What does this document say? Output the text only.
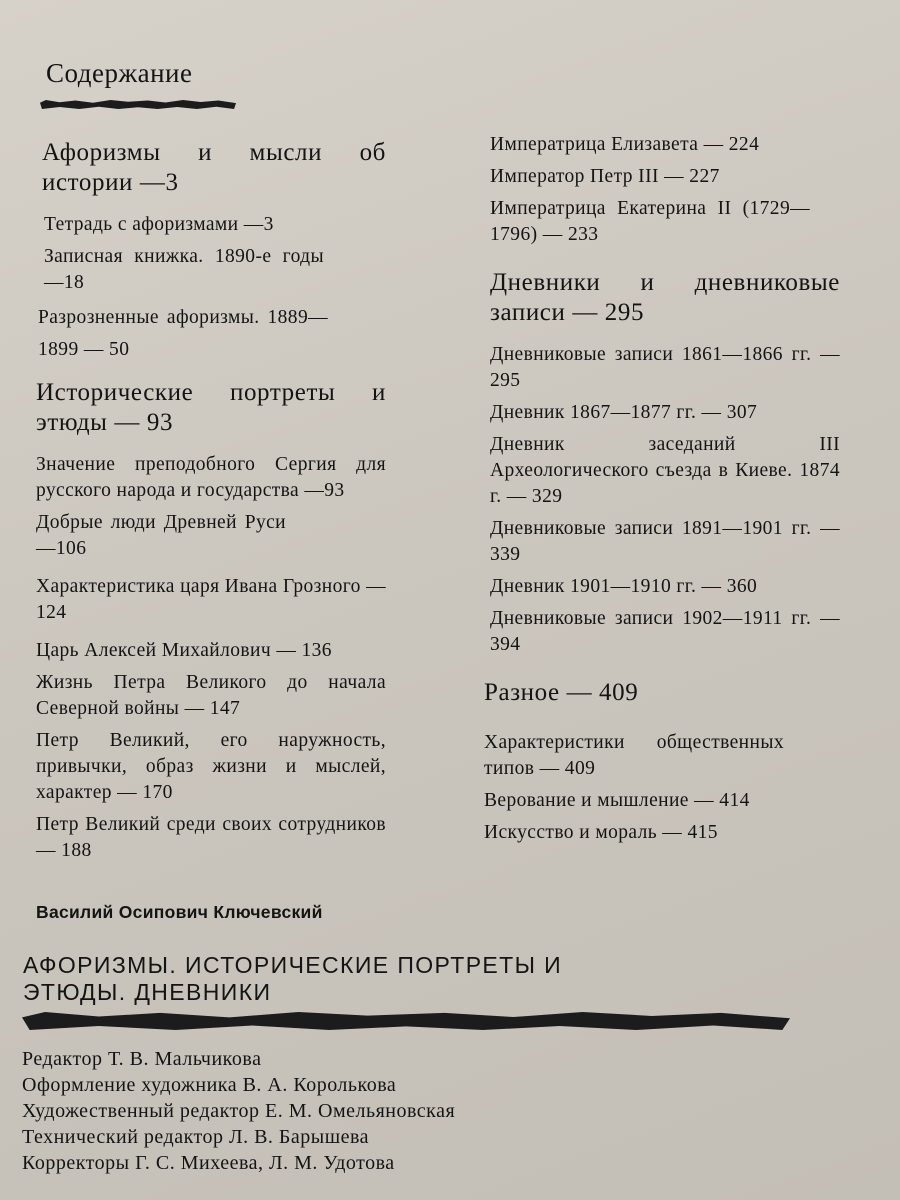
Содержание

Афоризмы и мысли об истории —3

Тетрадь с афоризмами —3

Записная книжка. 1890-е годы —18

Разрозненные афоризмы. 1889—1899 — 50

Исторические портреты и этюды — 93

Значение преподобного Сергия для русского народа и государства —93

Добрые люди Древней Руси —106

Характеристика царя Ивана Грозного — 124

Царь Алексей Михайлович — 136

Жизнь Петра Великого до начала Северной войны — 147

Петр Великий, его наружность, привычки, образ жизни и мыслей, характер — 170

Петр Великий среди своих сотрудников — 188

Императрица Елизавета — 224

Император Петр III — 227

Императрица Екатерина II (1729—1796) — 233

Дневники и дневниковые записи — 295

Дневниковые записи 1861—1866 гг. — 295

Дневник 1867—1877 гг. — 307

Дневник заседаний III Археологического съезда в Киеве. 1874 г. — 329

Дневниковые записи 1891—1901 гг. — 339

Дневник 1901—1910 гг. — 360

Дневниковые записи 1902—1911 гг. — 394

Разное — 409

Характеристики общественных типов — 409

Верование и мышление — 414

Искусство и мораль — 415

Василий Осипович Ключевский
АФОРИЗМЫ. ИСТОРИЧЕСКИЕ ПОРТРЕТЫ И ЭТЮДЫ. ДНЕВНИКИ
Редактор Т. В. Мальчикова
Оформление художника В. А. Королькова
Художественный редактор Е. М. Омельяновская
Технический редактор Л. В. Барышева
Корректоры Г. С. Михеева, Л. М. Удотова
